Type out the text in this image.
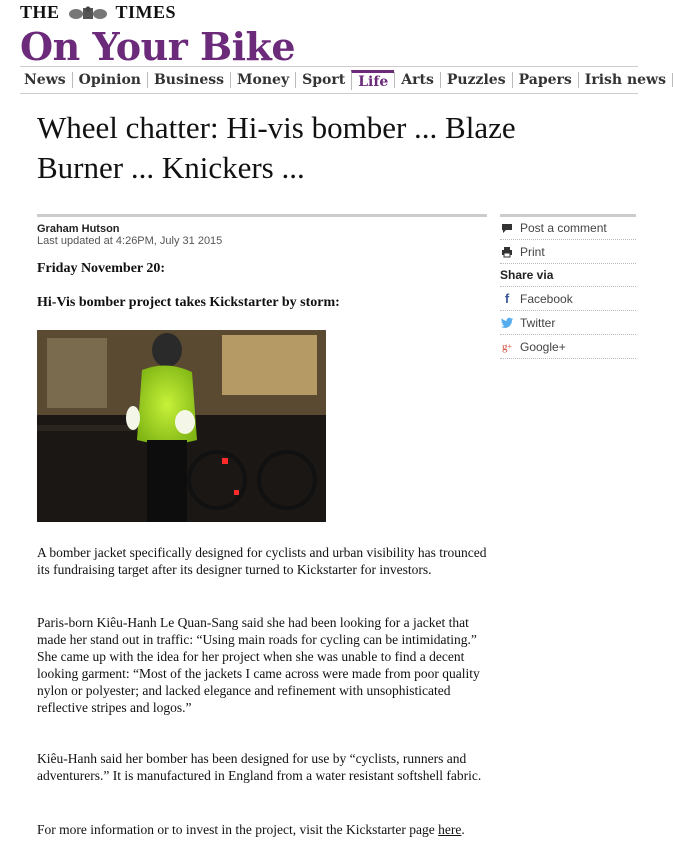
THE	TIMES
On Your Bike
News Opinion Business Money Sport Life Arts Puzzles Papers Irish news
Wheel chatter: Hi-vis bomber ... Blaze Burner ... Knickers ...
Graham Hutson
Last updated at 4:26PM, July 31 2015
Friday November 20:
Hi-Vis bomber project takes Kickstarter by storm:
A bomber jacket specifically designed for cyclists and urban visibility has trounced its fundraising target after its designer turned to Kickstarter for investors.
Paris-born Kiêu-Hanh Le Quan-Sang said she had been looking for a jacket that made her stand out in traffic: “Using main roads for cycling can be intimidating.” She came up with the idea for her project when she was unable to find a decent looking garment: “Most of the jackets I came across were made from poor quality nylon or polyester; and lacked elegance and refinement with unsophisticated reflective stripes and logos.”
Kiêu-Hanh said her bomber has been designed for use by “cyclists, runners and adventurers.” It is manufactured in England from a water resistant softshell fabric.
For more information or to invest in the project, visit the Kickstarter page here.
Post a comment
Print
Share via
f Facebook
Twitter
g + Google+
